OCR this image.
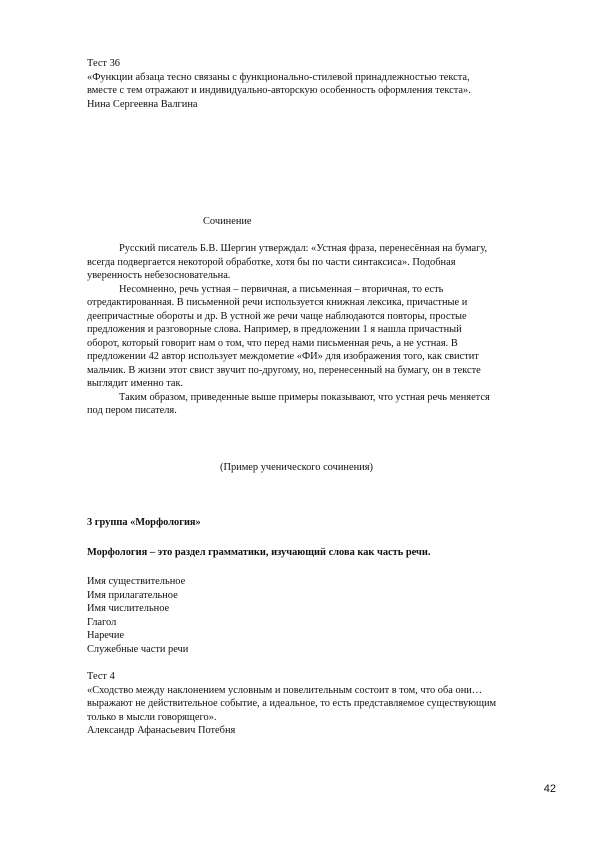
Тест 36

«Функции абзаца тесно связаны с функционально-стилевой принадлежностью текста,

вместе с тем отражают и индивидуально-авторскую особенность оформления текста».

Нина Сергеевна Валгина

Сочинение

Русский писатель Б.В. Шергин утверждал: «Устная фраза, перенесённая на бумагу,

всегда подвергается некоторой обработке, хотя бы по части синтаксиса». Подобная

уверенность небезосновательна.

Несомненно, речь устная – первичная, а письменная – вторичная, то есть

отредактированная. В письменной речи используется книжная лексика, причастные и

деепричастные обороты и др. В устной же речи чаще наблюдаются повторы, простые

предложения и разговорные слова. Например, в предложении 1 я нашла причастный

оборот, который говорит нам о том, что перед нами письменная речь, а не устная. В

предложении 42 автор использует междометие «ФИ» для изображения того, как свистит

мальчик. В жизни этот свист звучит по-другому, но, перенесенный на бумагу, он в тексте

выглядит именно так.

Таким образом, приведенные выше примеры показывают, что устная речь меняется

под пером писателя.

(Пример ученического сочинения)

3 группа «Морфология»

Морфология – это раздел грамматики, изучающий слова как часть речи.

Имя существительное

Имя прилагательное

Имя числительное

Глагол

Наречие

Служебные части речи

Тест 4

«Сходство между наклонением условным и повелительным состоит в том, что оба они…

выражают не действительное событие, а идеальное, то есть представляемое существующим

только в мысли говорящего».

Александр Афанасьевич Потебня

42
